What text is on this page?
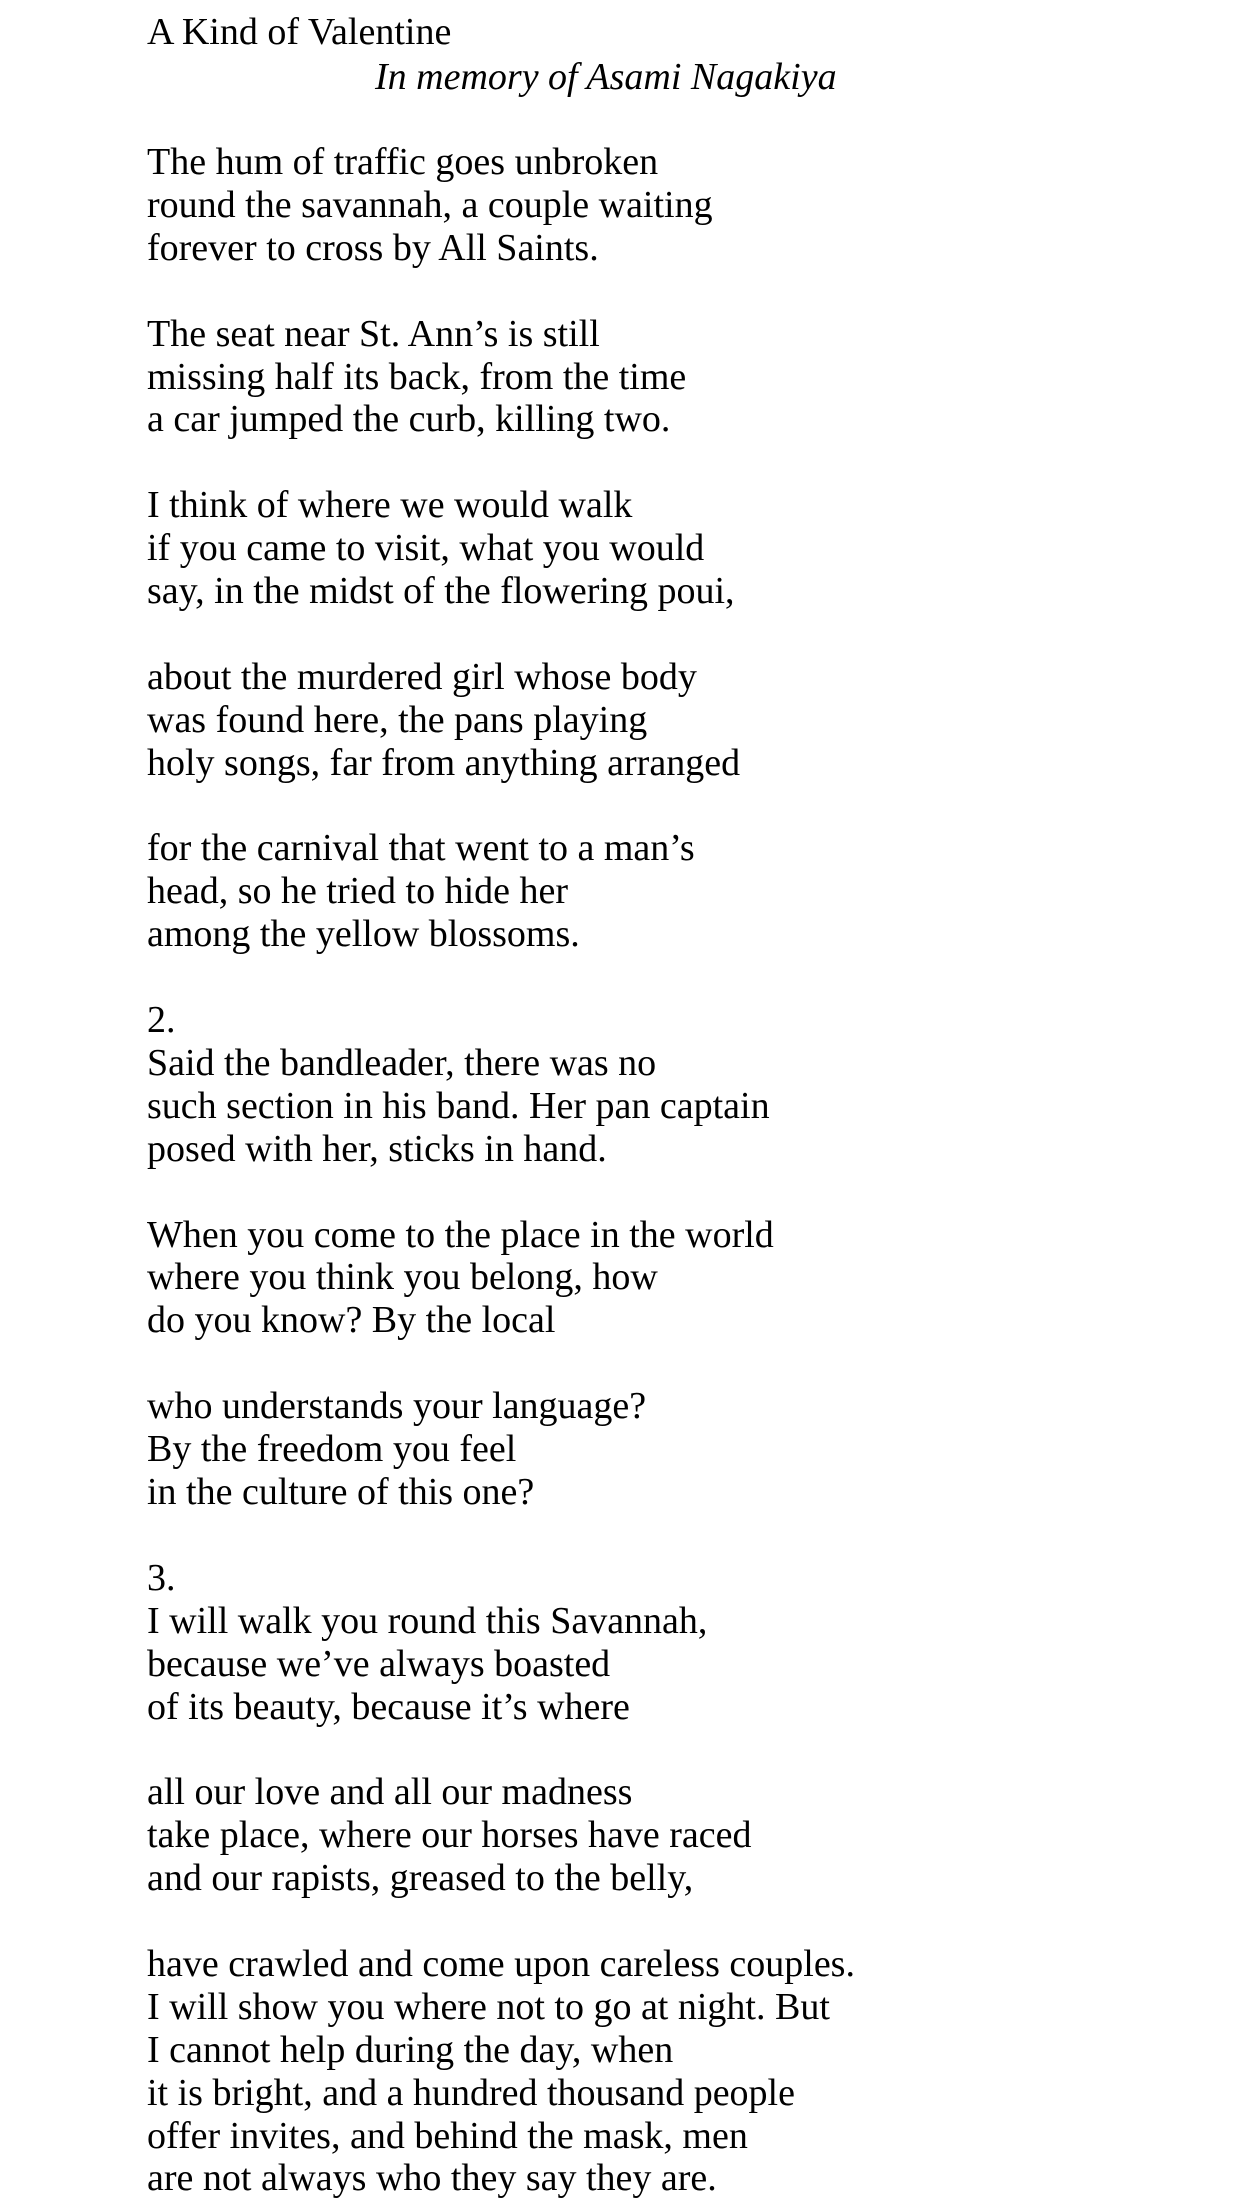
A Kind of Valentine

In memory of Asami Nagakiya

The hum of traffic goes unbroken
round the savannah, a couple waiting
forever to cross by All Saints.
The seat near St. Ann’s is still
missing half its back, from the time
a car jumped the curb, killing two.
I think of where we would walk
if you came to visit, what you would
say, in the midst of the flowering poui,
about the murdered girl whose body
was found here, the pans playing
holy songs, far from anything arranged
for the carnival that went to a man’s
head, so he tried to hide her
among the yellow blossoms.
2.
Said the bandleader, there was no
such section in his band. Her pan captain
posed with her, sticks in hand.
When you come to the place in the world
where you think you belong, how
do you know? By the local
who understands your language?
By the freedom you feel
in the culture of this one?
3.
I will walk you round this Savannah,
because we’ve always boasted
of its beauty, because it’s where
all our love and all our madness
take place, where our horses have raced
and our rapists, greased to the belly,
have crawled and come upon careless couples.
I will show you where not to go at night. But
I cannot help during the day, when
it is bright, and a hundred thousand people
offer invites, and behind the mask, men
are not always who they say they are.
